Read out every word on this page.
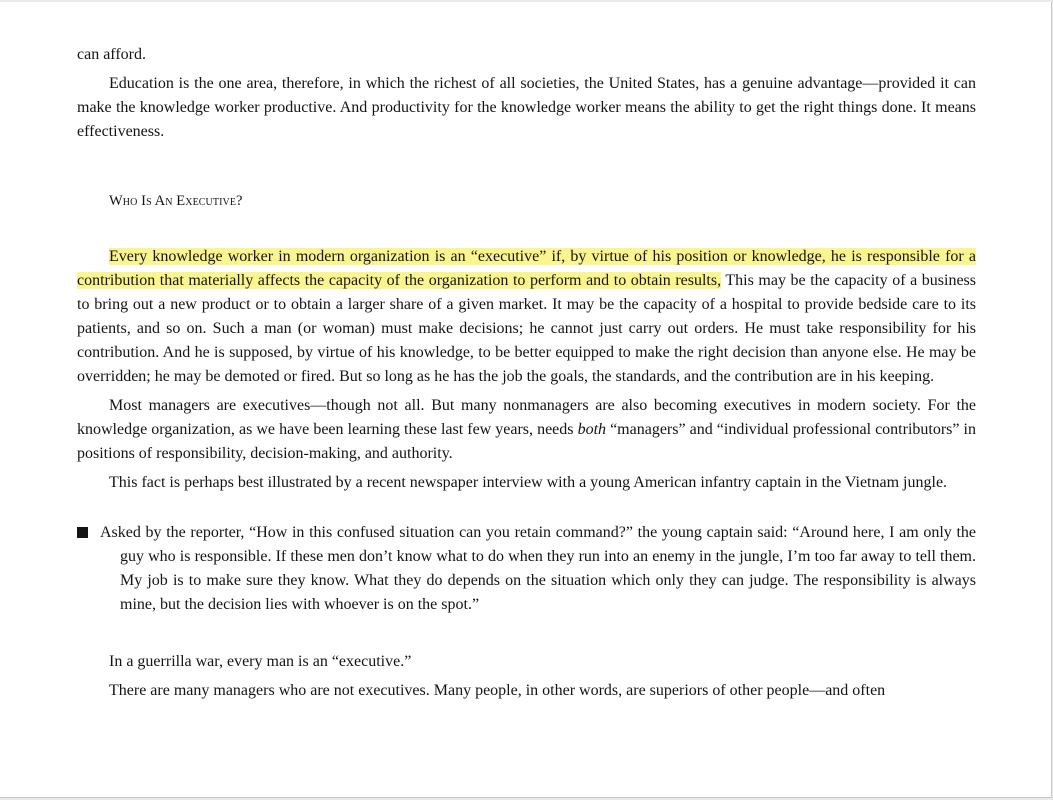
can afford.

Education is the one area, therefore, in which the richest of all societies, the United States, has a genuine advantage—provided it can make the knowledge worker productive. And productivity for the knowledge worker means the ability to get the right things done. It means effectiveness.

Who Is An Executive?

Every knowledge worker in modern organization is an “executive” if, by virtue of his position or knowledge, he is responsible for a contribution that materially affects the capacity of the organization to perform and to obtain results, This may be the capacity of a business to bring out a new product or to obtain a larger share of a given market. It may be the capacity of a hospital to provide bedside care to its patients, and so on. Such a man (or woman) must make decisions; he cannot just carry out orders. He must take responsibility for his contribution. And he is supposed, by virtue of his knowledge, to be better equipped to make the right decision than anyone else. He may be overridden; he may be demoted or fired. But so long as he has the job the goals, the standards, and the contribution are in his keeping.

Most managers are executives—though not all. But many nonmanagers are also becoming executives in modern society. For the knowledge organization, as we have been learning these last few years, needs both “managers” and “individual professional contributors” in positions of responsibility, decision-making, and authority.

This fact is perhaps best illustrated by a recent newspaper interview with a young American infantry captain in the Vietnam jungle.

Asked by the reporter, “How in this confused situation can you retain command?” the young captain said: “Around here, I am only the guy who is responsible. If these men don’t know what to do when they run into an enemy in the jungle, I’m too far away to tell them. My job is to make sure they know. What they do depends on the situation which only they can judge. The responsibility is always mine, but the decision lies with whoever is on the spot.”

In a guerrilla war, every man is an “executive.”

There are many managers who are not executives. Many people, in other words, are superiors of other people—and often
